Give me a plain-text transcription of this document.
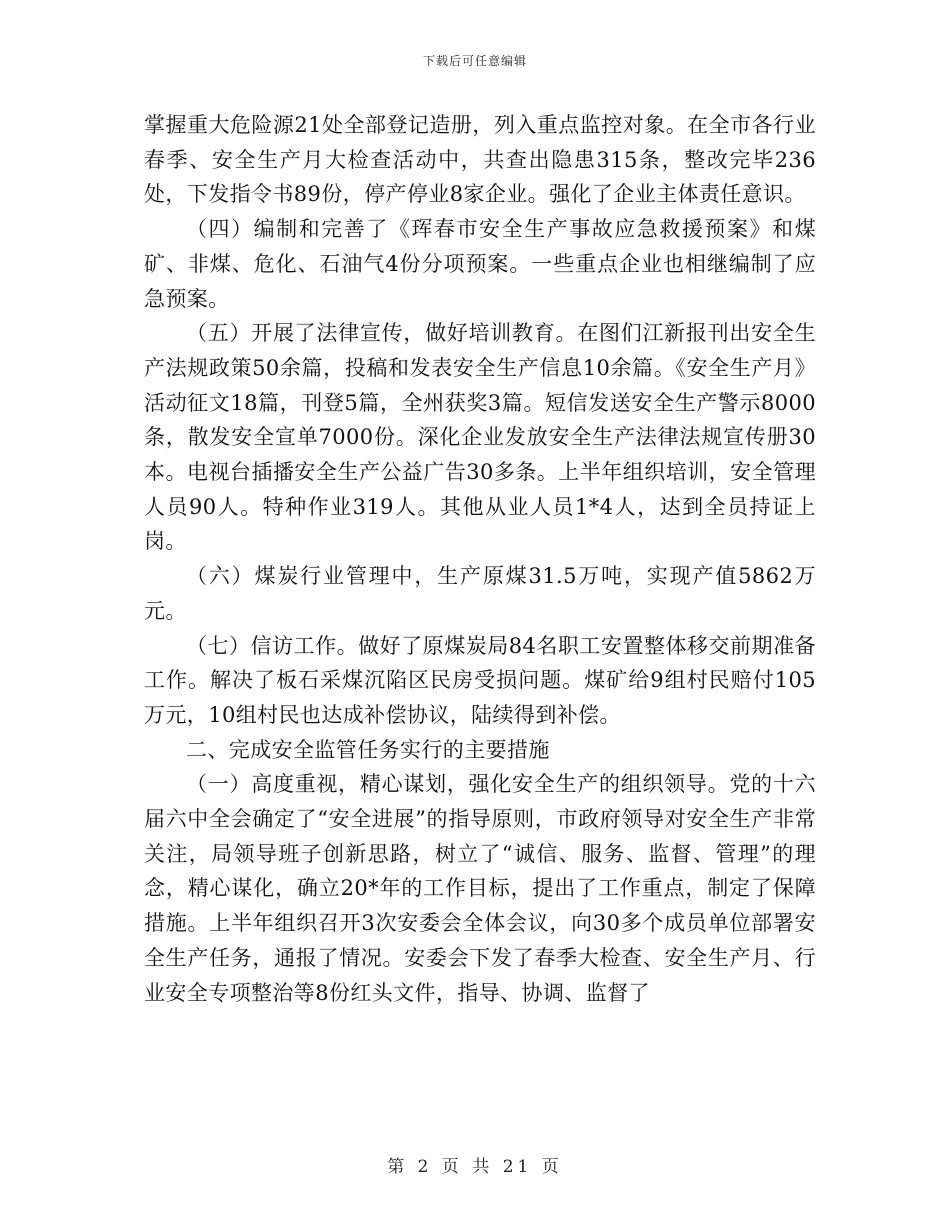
下载后可任意编辑

掌握重大危险源21处全部登记造册，列入重点监控对象。在全市各行业春季、安全生产月大检查活动中，共查出隐患315条，整改完毕236处，下发指令书89份，停产停业8家企业。强化了企业主体责任意识。

（四）编制和完善了《珲春市安全生产事故应急救援预案》和煤矿、非煤、危化、石油气4份分项预案。一些重点企业也相继编制了应急预案。

（五）开展了法律宣传，做好培训教育。在图们江新报刊出安全生产法规政策50余篇，投稿和发表安全生产信息10余篇。《安全生产月》活动征文18篇，刊登5篇，全州获奖3篇。短信发送安全生产警示8000条，散发安全宣单7000份。深化企业发放安全生产法律法规宣传册30本。电视台插播安全生产公益广告30多条。上半年组织培训，安全管理人员90人。特种作业319人。其他从业人员1*4人，达到全员持证上岗。

（六）煤炭行业管理中，生产原煤31.5万吨，实现产值5862万元。

（七）信访工作。做好了原煤炭局84名职工安置整体移交前期准备工作。解决了板石采煤沉陷区民房受损问题。煤矿给9组村民赔付105万元，10组村民也达成补偿协议，陆续得到补偿。

二、完成安全监管任务实行的主要措施

（一）高度重视，精心谋划，强化安全生产的组织领导。党的十六届六中全会确定了“安全进展”的指导原则，市政府领导对安全生产非常关注，局领导班子创新思路，树立了“诚信、服务、监督、管理”的理念，精心谋化，确立20*年的工作目标，提出了工作重点，制定了保障措施。上半年组织召开3次安委会全体会议，向30多个成员单位部署安全生产任务，通报了情况。安委会下发了春季大检查、安全生产月、行业安全专项整治等8份红头文件，指导、协调、监督了

第 2 页 共 21 页
